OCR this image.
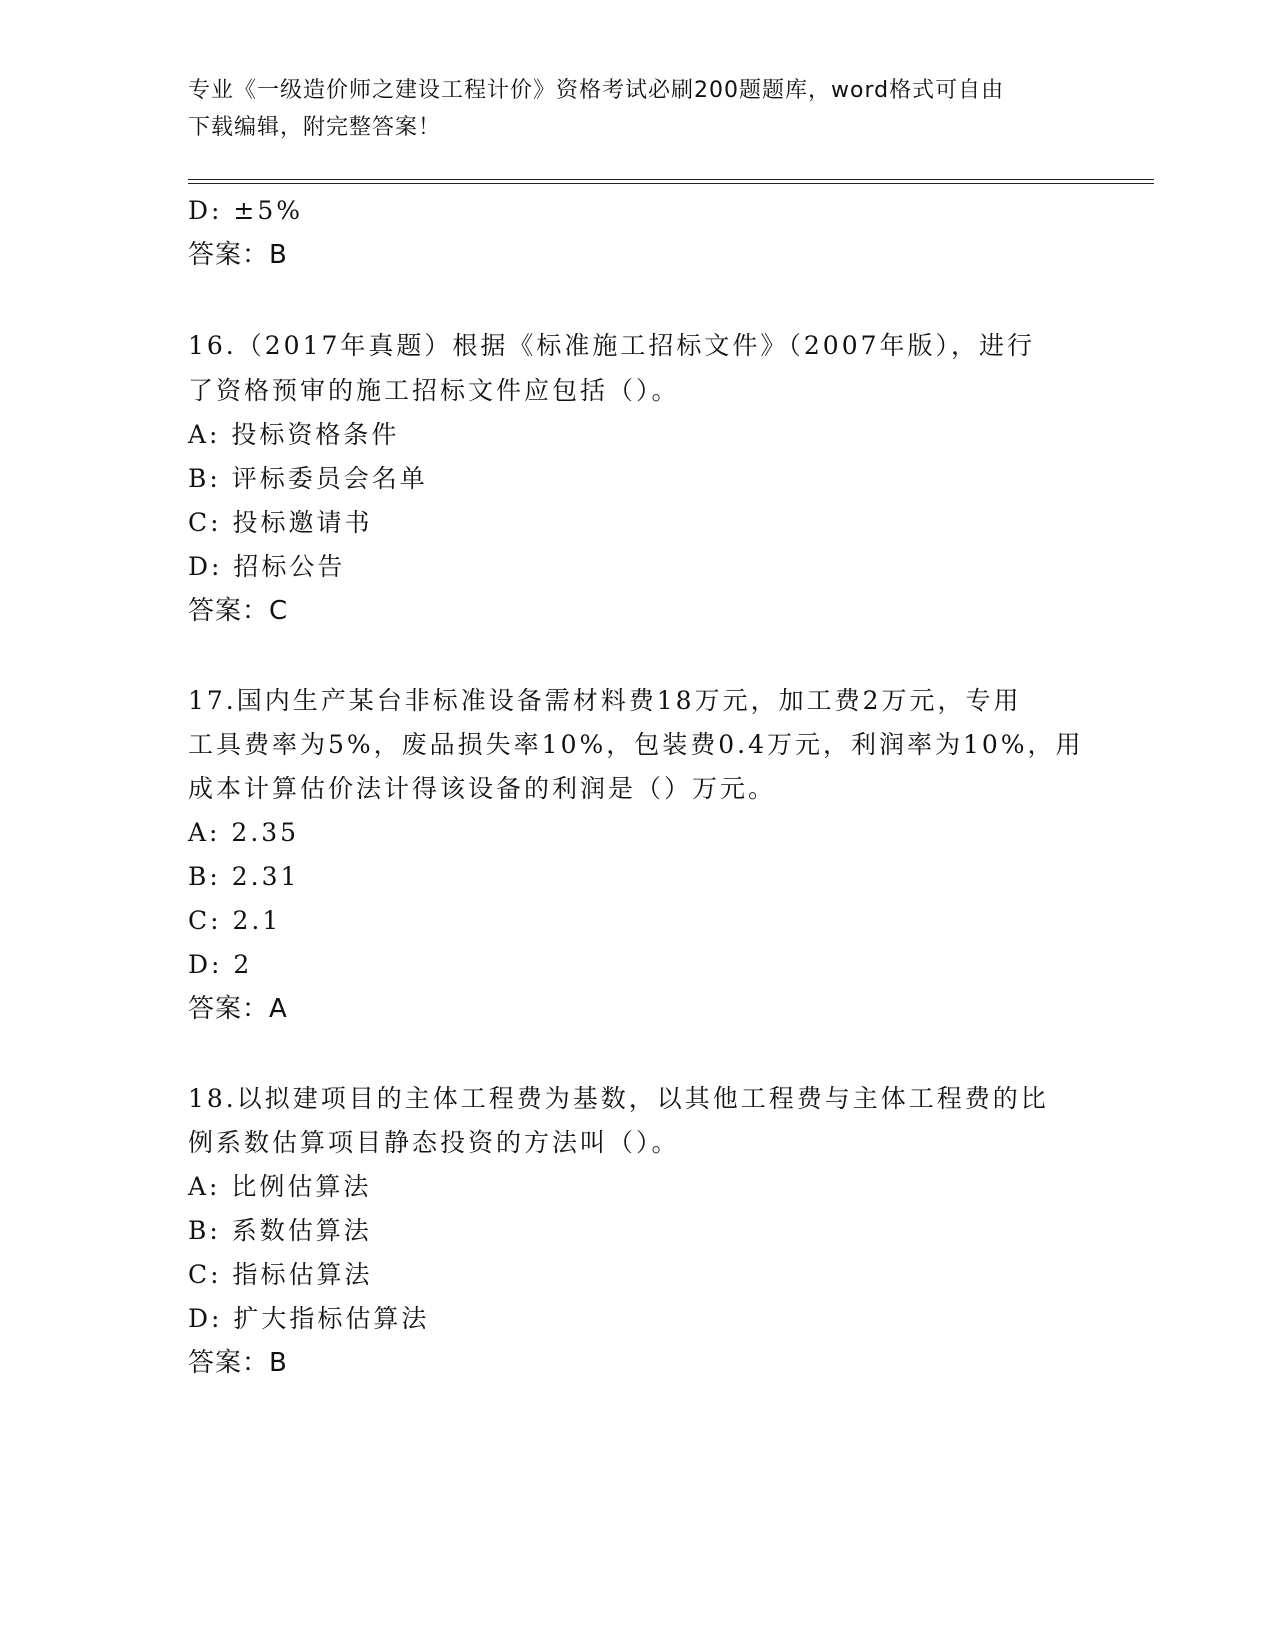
专业《一级造价师之建设工程计价》资格考试必刷200题题库，word格式可自由
下载编辑，附完整答案！
D: ±5%
答案：B
16.（2017年真题）根据《标准施工招标文件》（2007年版），进行
了资格预审的施工招标文件应包括（）。
A: 投标资格条件
B: 评标委员会名单
C: 投标邀请书
D: 招标公告
答案：C
17.国内生产某台非标准设备需材料费18万元，加工费2万元，专用
工具费率为5%，废品损失率10%，包装费0.4万元，利润率为10%，用
成本计算估价法计得该设备的利润是（）万元。
A: 2.35
B: 2.31
C: 2.1
D: 2
答案：A
18.以拟建项目的主体工程费为基数，以其他工程费与主体工程费的比
例系数估算项目静态投资的方法叫（）。
A: 比例估算法
B: 系数估算法
C: 指标估算法
D: 扩大指标估算法
答案：B
